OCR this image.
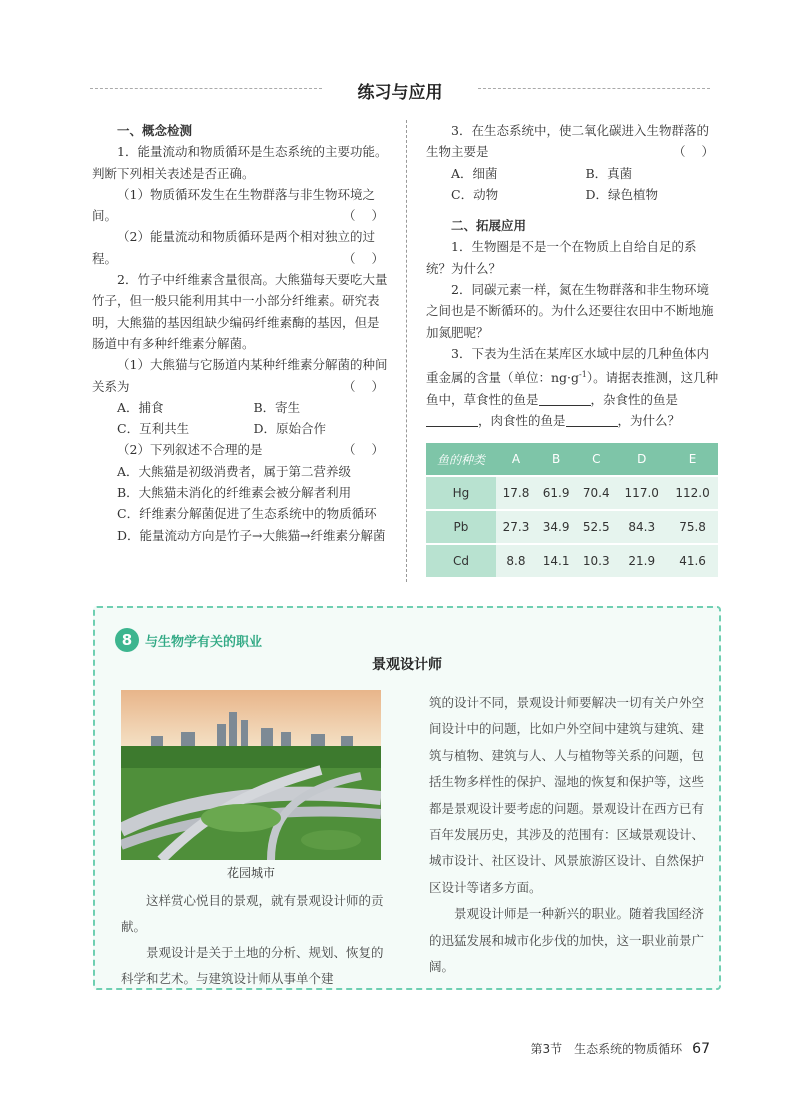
练习与应用

一、概念检测

1．能量流动和物质循环是生态系统的主要功能。判断下列相关表述是否正确。

（1）物质循环发生在生物群落与非生物环境之间。	（ ）

（2）能量流动和物质循环是两个相对独立的过程。	（ ）

2．竹子中纤维素含量很高。大熊猫每天要吃大量竹子，但一般只能利用其中一小部分纤维素。研究表明，大熊猫的基因组缺少编码纤维素酶的基因，但是肠道中有多种纤维素分解菌。

（1）大熊猫与它肠道内某种纤维素分解菌的种间关系为	（ ）

A．捕食	B．寄生
C．互利共生	D．原始合作

（2）下列叙述不合理的是	（ ）

A．大熊猫是初级消费者，属于第二营养级

B．大熊猫未消化的纤维素会被分解者利用

C．纤维素分解菌促进了生态系统中的物质循环

D．能量流动方向是竹子→大熊猫→纤维素分解菌

3．在生态系统中，使二氧化碳进入生物群落的生物主要是	（ ）

A．细菌	B．真菌
C．动物	D．绿色植物

二、拓展应用

1．生物圈是不是一个在物质上自给自足的系统？为什么？

2．同碳元素一样，氮在生物群落和非生物环境之间也是不断循环的。为什么还要往农田中不断地施加氮肥呢？

3．下表为生活在某库区水域中层的几种鱼体内重金属的含量（单位：$ng\cdot g^{-1}$）。请据表推测，这几种鱼中，草食性的鱼是	，杂食性的鱼是，肉食性的鱼是	，为什么？

鱼的种类	A	B	C	D	E
Hg	17.8	61.9	70.4	117.0	112.0
Pb	27.3	34.9	52.5	84.3	75.8
Cd	8.8	14.1	10.3	21.9	41.6
8 与生物学有关的职业
景观设计师
花园城市

这样赏心悦目的景观，就有景观设计师的贡献。

景观设计是关于土地的分析、规划、恢复的科学和艺术。与建筑设计师从事单个建

筑的设计不同，景观设计师要解决一切有关户外空间设计中的问题，比如户外空间中建筑与建筑、建筑与植物、建筑与人、人与植物等关系的问题，包括生物多样性的保护、湿地的恢复和保护等，这些都是景观设计要考虑的问题。景观设计在西方已有百年发展历史，其涉及的范围有：区域景观设计、城市设计、社区设计、风景旅游区设计、自然保护区设计等诸多方面。

景观设计师是一种新兴的职业。随着我国经济的迅猛发展和城市化步伐的加快，这一职业前景广阔。

第3节　生态系统的物质循环 67
